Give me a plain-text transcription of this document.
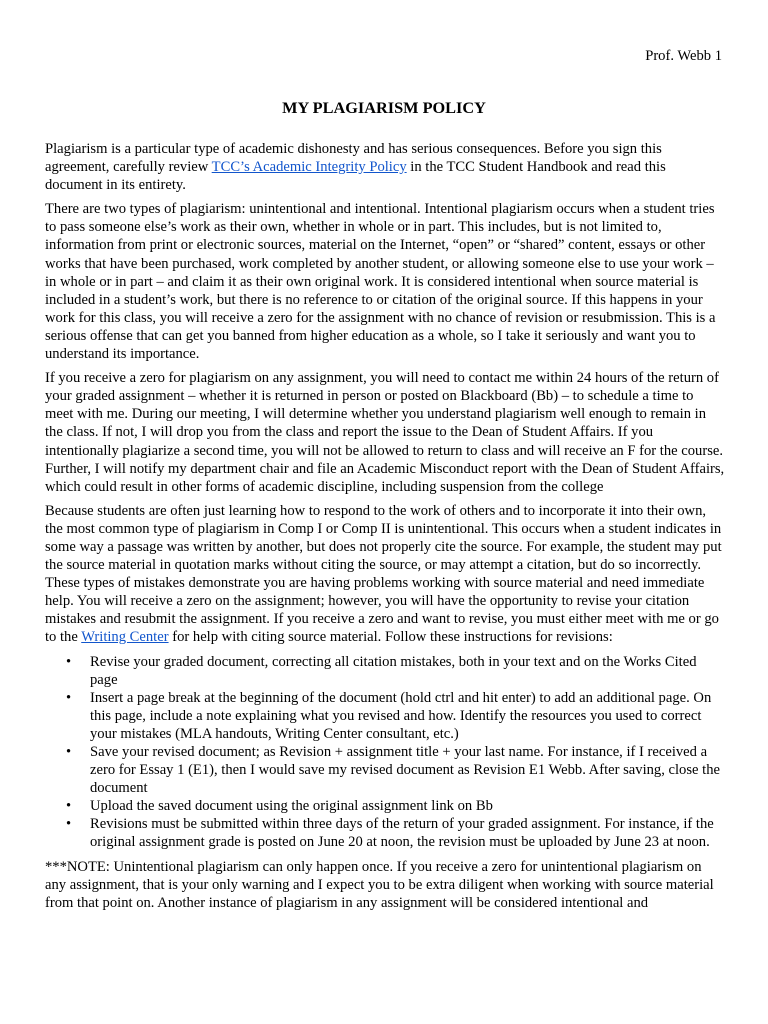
Prof. Webb 1
MY PLAGIARISM POLICY

Plagiarism is a particular type of academic dishonesty and has serious consequences. Before you sign this agreement, carefully review TCC’s Academic Integrity Policy in the TCC Student Handbook and read this document in its entirety.

There are two types of plagiarism: unintentional and intentional. Intentional plagiarism occurs when a student tries to pass someone else’s work as their own, whether in whole or in part. This includes, but is not limited to, information from print or electronic sources, material on the Internet, “open” or “shared” content, essays or other works that have been purchased, work completed by another student, or allowing someone else to use your work – in whole or in part – and claim it as their own original work. It is considered intentional when source material is included in a student’s work, but there is no reference to or citation of the original source. If this happens in your work for this class, you will receive a zero for the assignment with no chance of revision or resubmission. This is a serious offense that can get you banned from higher education as a whole, so I take it seriously and want you to understand its importance.

If you receive a zero for plagiarism on any assignment, you will need to contact me within 24 hours of the return of your graded assignment – whether it is returned in person or posted on Blackboard (Bb) – to schedule a time to meet with me. During our meeting, I will determine whether you understand plagiarism well enough to remain in the class. If not, I will drop you from the class and report the issue to the Dean of Student Affairs. If you intentionally plagiarize a second time, you will not be allowed to return to class and will receive an F for the course. Further, I will notify my department chair and file an Academic Misconduct report with the Dean of Student Affairs, which could result in other forms of academic discipline, including suspension from the college

Because students are often just learning how to respond to the work of others and to incorporate it into their own, the most common type of plagiarism in Comp I or Comp II is unintentional. This occurs when a student indicates in some way a passage was written by another, but does not properly cite the source. For example, the student may put the source material in quotation marks without citing the source, or may attempt a citation, but do so incorrectly. These types of mistakes demonstrate you are having problems working with source material and need immediate help. You will receive a zero on the assignment; however, you will have the opportunity to revise your citation mistakes and resubmit the assignment. If you receive a zero and want to revise, you must either meet with me or go to the Writing Center for help with citing source material. Follow these instructions for revisions:

• Revise your graded document, correcting all citation mistakes, both in your text and on the Works Cited page
• Insert a page break at the beginning of the document (hold ctrl and hit enter) to add an additional page. On this page, include a note explaining what you revised and how. Identify the resources you used to correct your mistakes (MLA handouts, Writing Center consultant, etc.)
• Save your revised document; as Revision + assignment title + your last name. For instance, if I received a zero for Essay 1 (E1), then I would save my revised document as Revision E1 Webb. After saving, close the document
• Upload the saved document using the original assignment link on Bb
• Revisions must be submitted within three days of the return of your graded assignment. For instance, if the original assignment grade is posted on June 20 at noon, the revision must be uploaded by June 23 at noon.

***NOTE: Unintentional plagiarism can only happen once. If you receive a zero for unintentional plagiarism on any assignment, that is your only warning and I expect you to be extra diligent when working with source material from that point on. Another instance of plagiarism in any assignment will be considered intentional and
